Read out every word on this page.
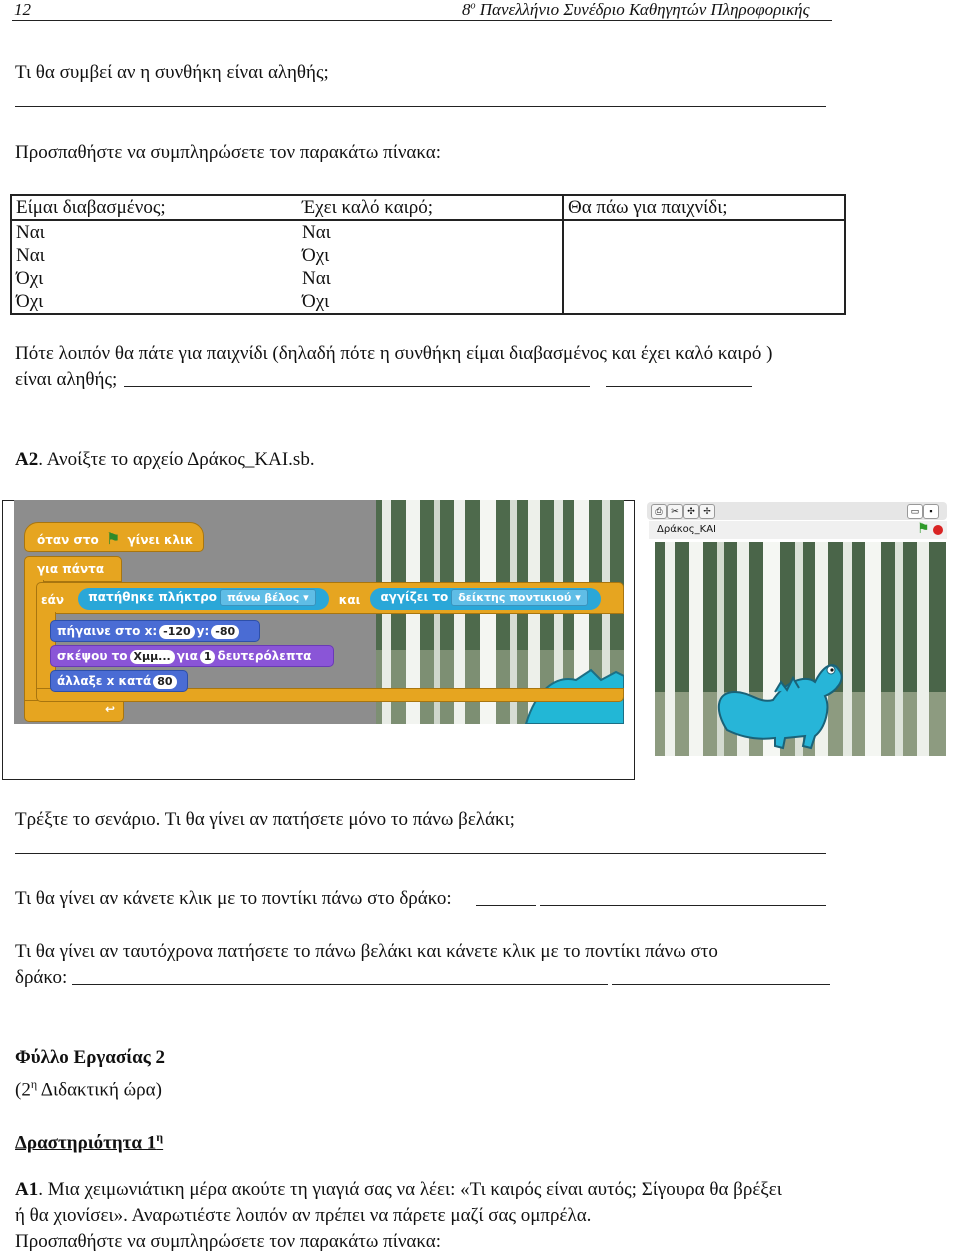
12	$8^o$ Πανελλήνιο Συνέδριο Καθηγητών Πληροφορικής
Τι θα συμβεί αν η συνθήκη είναι αληθής;
Προσπαθήστε να συμπληρώσετε τον παρακάτω πίνακα:
Είμαι διαβασμένος;	Έχει καλό καιρό;	Θα πάω για παιχνίδι;
Ναι	Ναι	
Ναι	Όχι	
Όχι	Ναι	
Όχι	Όχι	
Πότε λοιπόν θα πάτε για παιχνίδι (δηλαδή πότε η συνθήκη είμαι διαβασμένος και έχει καλό καιρό )
είναι αληθής;
Α2. Ανοίξτε το αρχείο Δράκος_ΚΑΙ.sb.
όταν στο ⚑ γίνει κλικ
για πάντα
↩
εάν πατήθηκε πλήκτρο πάνω βέλος ▾	και αγγίζει το δείκτης ποντικιού ▾
πήγαινε στο x: -120 y: -80
σκέψου το Χμμ... για 1 δευτερόλεπτα
άλλαξε x κατά 80
⎙ ✂ ✣ ✢	▭	▪
Δράκος_ΚΑΙ	⚑
Τρέξτε το σενάριο. Τι θα γίνει αν πατήσετε μόνο το πάνω βελάκι;
Τι θα γίνει αν κάνετε κλικ με το ποντίκι πάνω στο δράκο:
Τι θα γίνει αν ταυτόχρονα πατήσετε το πάνω βελάκι και κάνετε κλικ με το ποντίκι πάνω στο
δράκο:
Φύλλο Εργασίας 2
($2^\eta$ Διδακτική ώρα)
Δραστηριότητα $1^\eta$
Α1. Μια χειμωνιάτικη μέρα ακούτε τη γιαγιά σας να λέει: «Τι καιρός είναι αυτός; Σίγουρα θα βρέξει
ή θα χιονίσει». Αναρωτιέστε λοιπόν αν πρέπει να πάρετε μαζί σας ομπρέλα.
Προσπαθήστε να συμπληρώσετε τον παρακάτω πίνακα:
